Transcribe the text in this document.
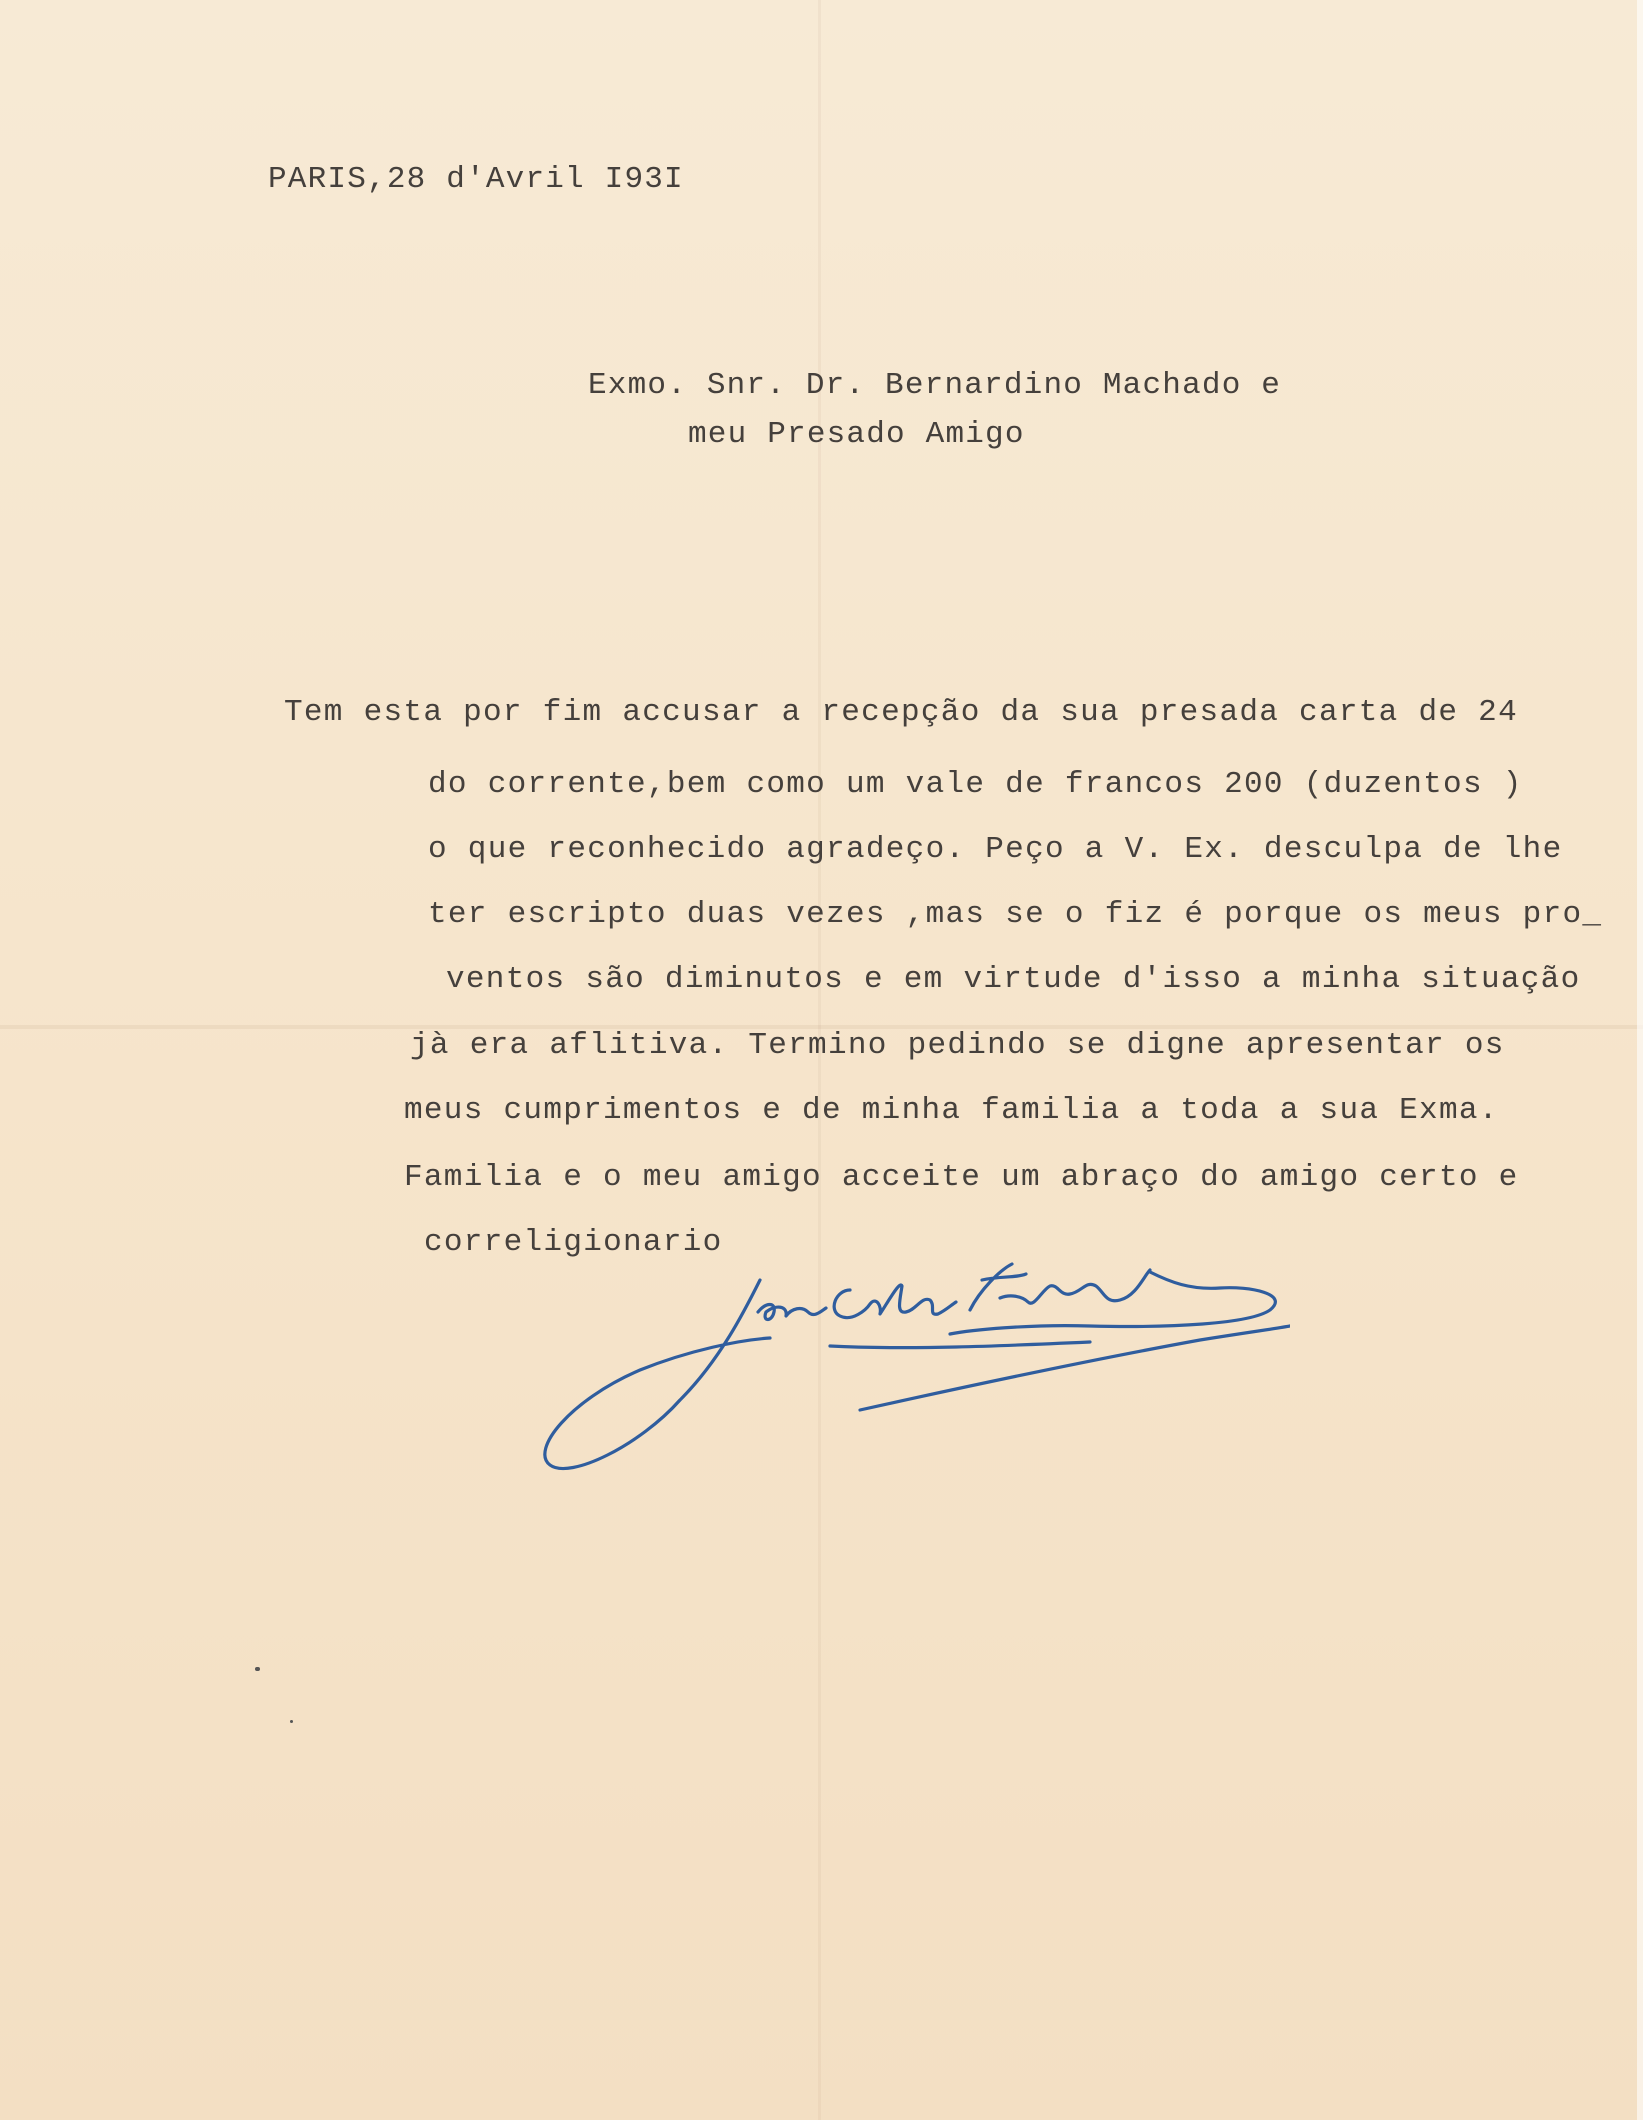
PARIS,28 d'Avril I93I
Exmo. Snr. Dr. Bernardino Machado e
meu Presado Amigo
Tem esta por fim accusar a recepção da sua presada carta de 24
do corrente,bem como um vale de francos 200 (duzentos )
o que reconhecido agradeço. Peço a V. Ex. desculpa de lhe
ter escripto duas vezes ,mas se o fiz é porque os meus pro_
ventos são diminutos e em virtude d'isso a minha situação
jà era aflitiva. Termino pedindo se digne apresentar os
meus cumprimentos e de minha familia a toda a sua Exma.
Familia e o meu amigo acceite um abraço do amigo certo e
correligionario
